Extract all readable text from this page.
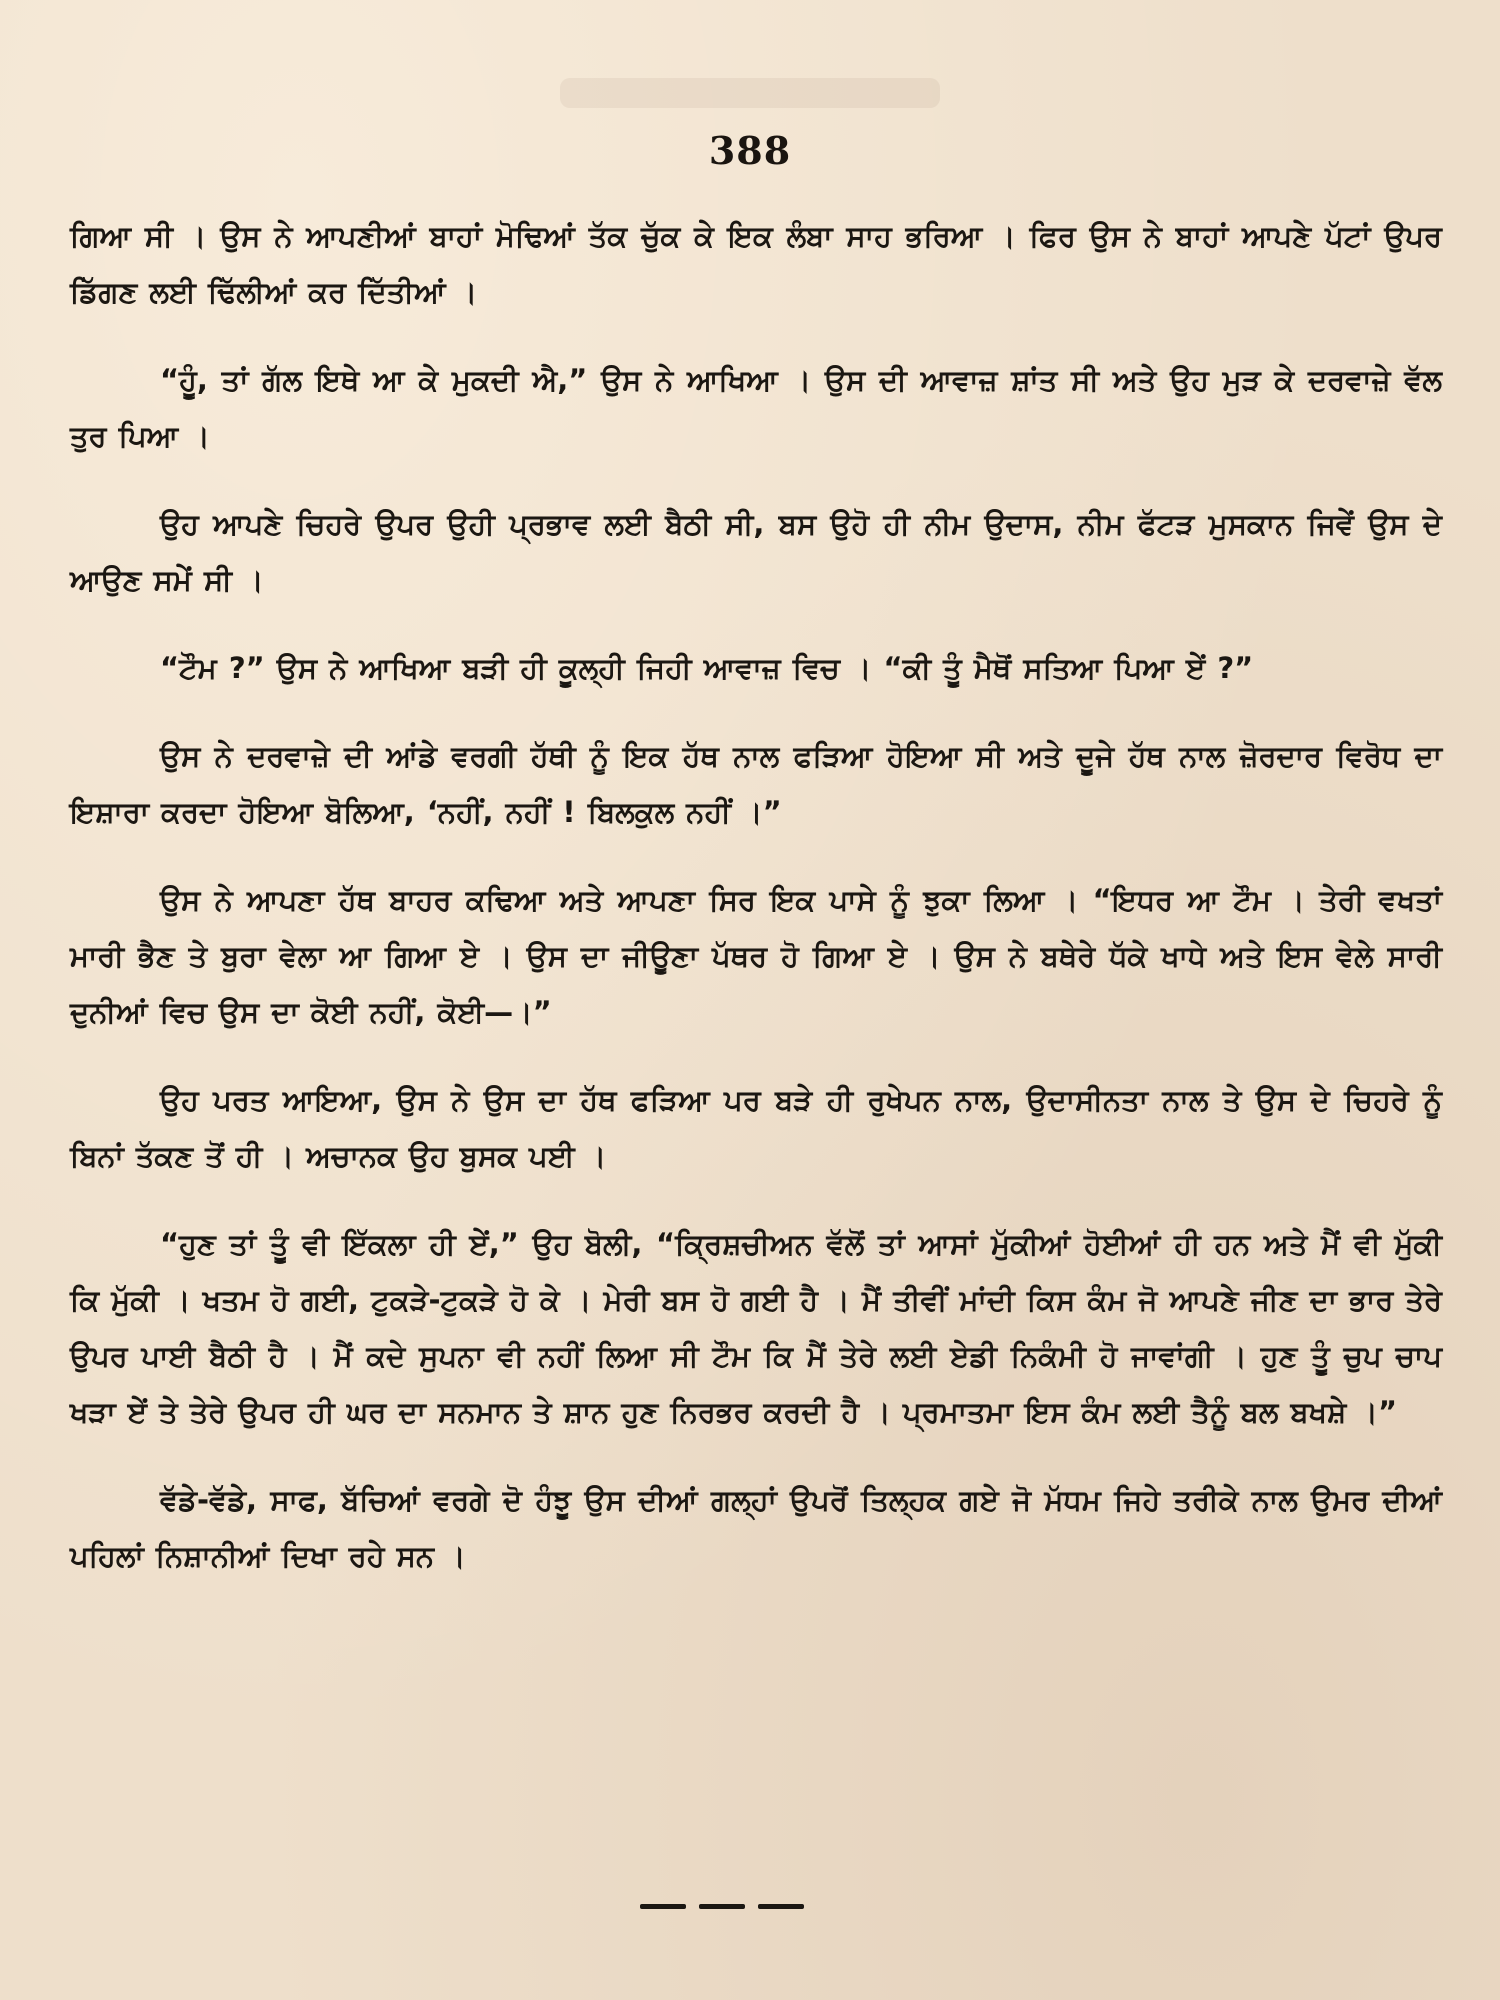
388

ਗਿਆ ਸੀ । ਉਸ ਨੇ ਆਪਣੀਆਂ ਬਾਹਾਂ ਮੋਢਿਆਂ ਤੱਕ ਚੁੱਕ ਕੇ ਇਕ ਲੰਬਾ ਸਾਹ ਭਰਿਆ । ਫਿਰ ਉਸ ਨੇ ਬਾਹਾਂ ਆਪਣੇ ਪੱਟਾਂ ਉਪਰ ਡਿੱਗਣ ਲਈ ਢਿੱਲੀਆਂ ਕਰ ਦਿੱਤੀਆਂ ।

“ਹੂੰ, ਤਾਂ ਗੱਲ ਇਥੇ ਆ ਕੇ ਮੁਕਦੀ ਐ,” ਉਸ ਨੇ ਆਖਿਆ । ਉਸ ਦੀ ਆਵਾਜ਼ ਸ਼ਾਂਤ ਸੀ ਅਤੇ ਉਹ ਮੁੜ ਕੇ ਦਰਵਾਜ਼ੇ ਵੱਲ ਤੁਰ ਪਿਆ ।

ਉਹ ਆਪਣੇ ਚਿਹਰੇ ਉਪਰ ਉਹੀ ਪ੍ਰਭਾਵ ਲਈ ਬੈਠੀ ਸੀ, ਬਸ ਉਹੋ ਹੀ ਨੀਮ ਉਦਾਸ, ਨੀਮ ਫੱਟੜ ਮੁਸਕਾਨ ਜਿਵੇਂ ਉਸ ਦੇ ਆਉਣ ਸਮੇਂ ਸੀ ।

“ਟੌਮ ?” ਉਸ ਨੇ ਆਖਿਆ ਬੜੀ ਹੀ ਕੂਲ੍ਹੀ ਜਿਹੀ ਆਵਾਜ਼ ਵਿਚ । “ਕੀ ਤੂੰ ਮੈਥੋਂ ਸਤਿਆ ਪਿਆ ਏਂ ?”

ਉਸ ਨੇ ਦਰਵਾਜ਼ੇ ਦੀ ਆਂਡੇ ਵਰਗੀ ਹੱਥੀ ਨੂੰ ਇਕ ਹੱਥ ਨਾਲ ਫੜਿਆ ਹੋਇਆ ਸੀ ਅਤੇ ਦੂਜੇ ਹੱਥ ਨਾਲ ਜ਼ੋਰਦਾਰ ਵਿਰੋਧ ਦਾ ਇਸ਼ਾਰਾ ਕਰਦਾ ਹੋਇਆ ਬੋਲਿਆ, ‘ਨਹੀਂ, ਨਹੀਂ ! ਬਿਲਕੁਲ ਨਹੀਂ ।”

ਉਸ ਨੇ ਆਪਣਾ ਹੱਥ ਬਾਹਰ ਕਢਿਆ ਅਤੇ ਆਪਣਾ ਸਿਰ ਇਕ ਪਾਸੇ ਨੂੰ ਝੁਕਾ ਲਿਆ । “ਇਧਰ ਆ ਟੌਮ । ਤੇਰੀ ਵਖਤਾਂ ਮਾਰੀ ਭੈਣ ਤੇ ਬੁਰਾ ਵੇਲਾ ਆ ਗਿਆ ਏ । ਉਸ ਦਾ ਜੀਊਣਾ ਪੱਥਰ ਹੋ ਗਿਆ ਏ । ਉਸ ਨੇ ਬਥੇਰੇ ਧੱਕੇ ਖਾਧੇ ਅਤੇ ਇਸ ਵੇਲੇ ਸਾਰੀ ਦੁਨੀਆਂ ਵਿਚ ਉਸ ਦਾ ਕੋਈ ਨਹੀਂ, ਕੋਈ—।”

ਉਹ ਪਰਤ ਆਇਆ, ਉਸ ਨੇ ਉਸ ਦਾ ਹੱਥ ਫੜਿਆ ਪਰ ਬੜੇ ਹੀ ਰੁਖੇਪਨ ਨਾਲ, ਉਦਾਸੀਨਤਾ ਨਾਲ ਤੇ ਉਸ ਦੇ ਚਿਹਰੇ ਨੂੰ ਬਿਨਾਂ ਤੱਕਣ ਤੋਂ ਹੀ । ਅਚਾਨਕ ਉਹ ਬੁਸਕ ਪਈ ।

“ਹੁਣ ਤਾਂ ਤੂੰ ਵੀ ਇੱਕਲਾ ਹੀ ਏਂ,” ਉਹ ਬੋਲੀ, “ਕ੍ਰਿਸ਼ਚੀਅਨ ਵੱਲੋਂ ਤਾਂ ਆਸਾਂ ਮੁੱਕੀਆਂ ਹੋਈਆਂ ਹੀ ਹਨ ਅਤੇ ਮੈਂ ਵੀ ਮੁੱਕੀ ਕਿ ਮੁੱਕੀ । ਖਤਮ ਹੋ ਗਈ, ਟੁਕੜੇ-ਟੁਕੜੇ ਹੋ ਕੇ । ਮੇਰੀ ਬਸ ਹੋ ਗਈ ਹੈ । ਮੈਂ ਤੀਵੀਂ ਮਾਂਦੀ ਕਿਸ ਕੰਮ ਜੋ ਆਪਣੇ ਜੀਣ ਦਾ ਭਾਰ ਤੇਰੇ ਉਪਰ ਪਾਈ ਬੈਠੀ ਹੈ । ਮੈਂ ਕਦੇ ਸੁਪਨਾ ਵੀ ਨਹੀਂ ਲਿਆ ਸੀ ਟੌਮ ਕਿ ਮੈਂ ਤੇਰੇ ਲਈ ਏਡੀ ਨਿਕੰਮੀ ਹੋ ਜਾਵਾਂਗੀ । ਹੁਣ ਤੂੰ ਚੁਪ ਚਾਪ ਖੜਾ ਏਂ ਤੇ ਤੇਰੇ ਉਪਰ ਹੀ ਘਰ ਦਾ ਸਨਮਾਨ ਤੇ ਸ਼ਾਨ ਹੁਣ ਨਿਰਭਰ ਕਰਦੀ ਹੈ । ਪ੍ਰਮਾਤਮਾ ਇਸ ਕੰਮ ਲਈ ਤੈਨੂੰ ਬਲ ਬਖਸ਼ੇ ।”

ਵੱਡੇ-ਵੱਡੇ, ਸਾਫ, ਬੱਚਿਆਂ ਵਰਗੇ ਦੋ ਹੰਝੂ ਉਸ ਦੀਆਂ ਗਲ੍ਹਾਂ ਉਪਰੋਂ ਤਿਲ੍ਹਕ ਗਏ ਜੋ ਮੱਧਮ ਜਿਹੇ ਤਰੀਕੇ ਨਾਲ ਉਮਰ ਦੀਆਂ ਪਹਿਲਾਂ ਨਿਸ਼ਾਨੀਆਂ ਦਿਖਾ ਰਹੇ ਸਨ ।
